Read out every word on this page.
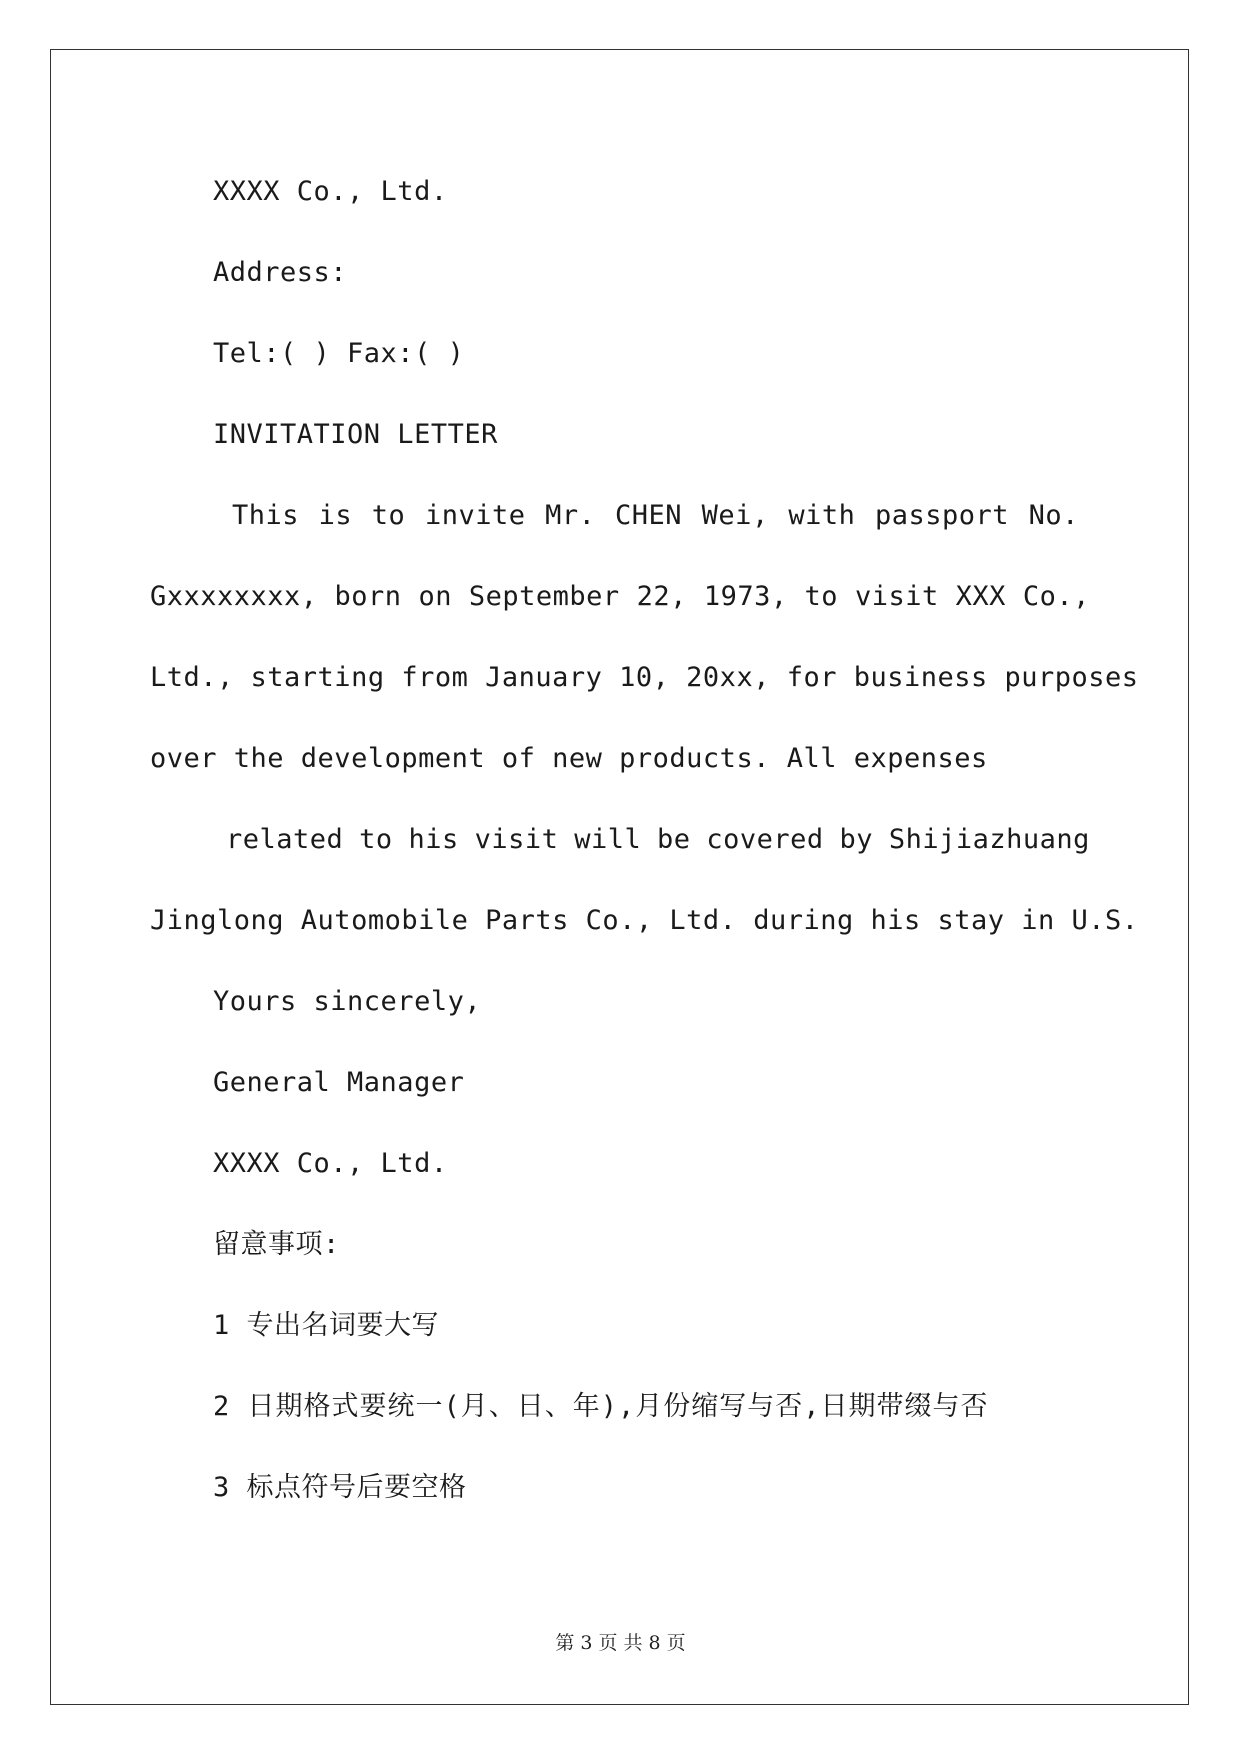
XXXX Co., Ltd.
Address:
Tel:( ) Fax:( )
INVITATION LETTER
This is to invite Mr. CHEN Wei, with passport No.
Gxxxxxxxx, born on September 22, 1973, to visit XXX Co.,
Ltd., starting from January 10, 20xx, for business purposes
over the development of new products. All expenses
related to his visit will be covered by Shijiazhuang
Jinglong Automobile Parts Co., Ltd. during his stay in U.S.
Yours sincerely,
General Manager
XXXX Co., Ltd.
留意事项:
1 专出名词要大写
2 日期格式要统一(月、日、年),月份缩写与否,日期带缀与否
3 标点符号后要空格
第 3 页 共 8 页
